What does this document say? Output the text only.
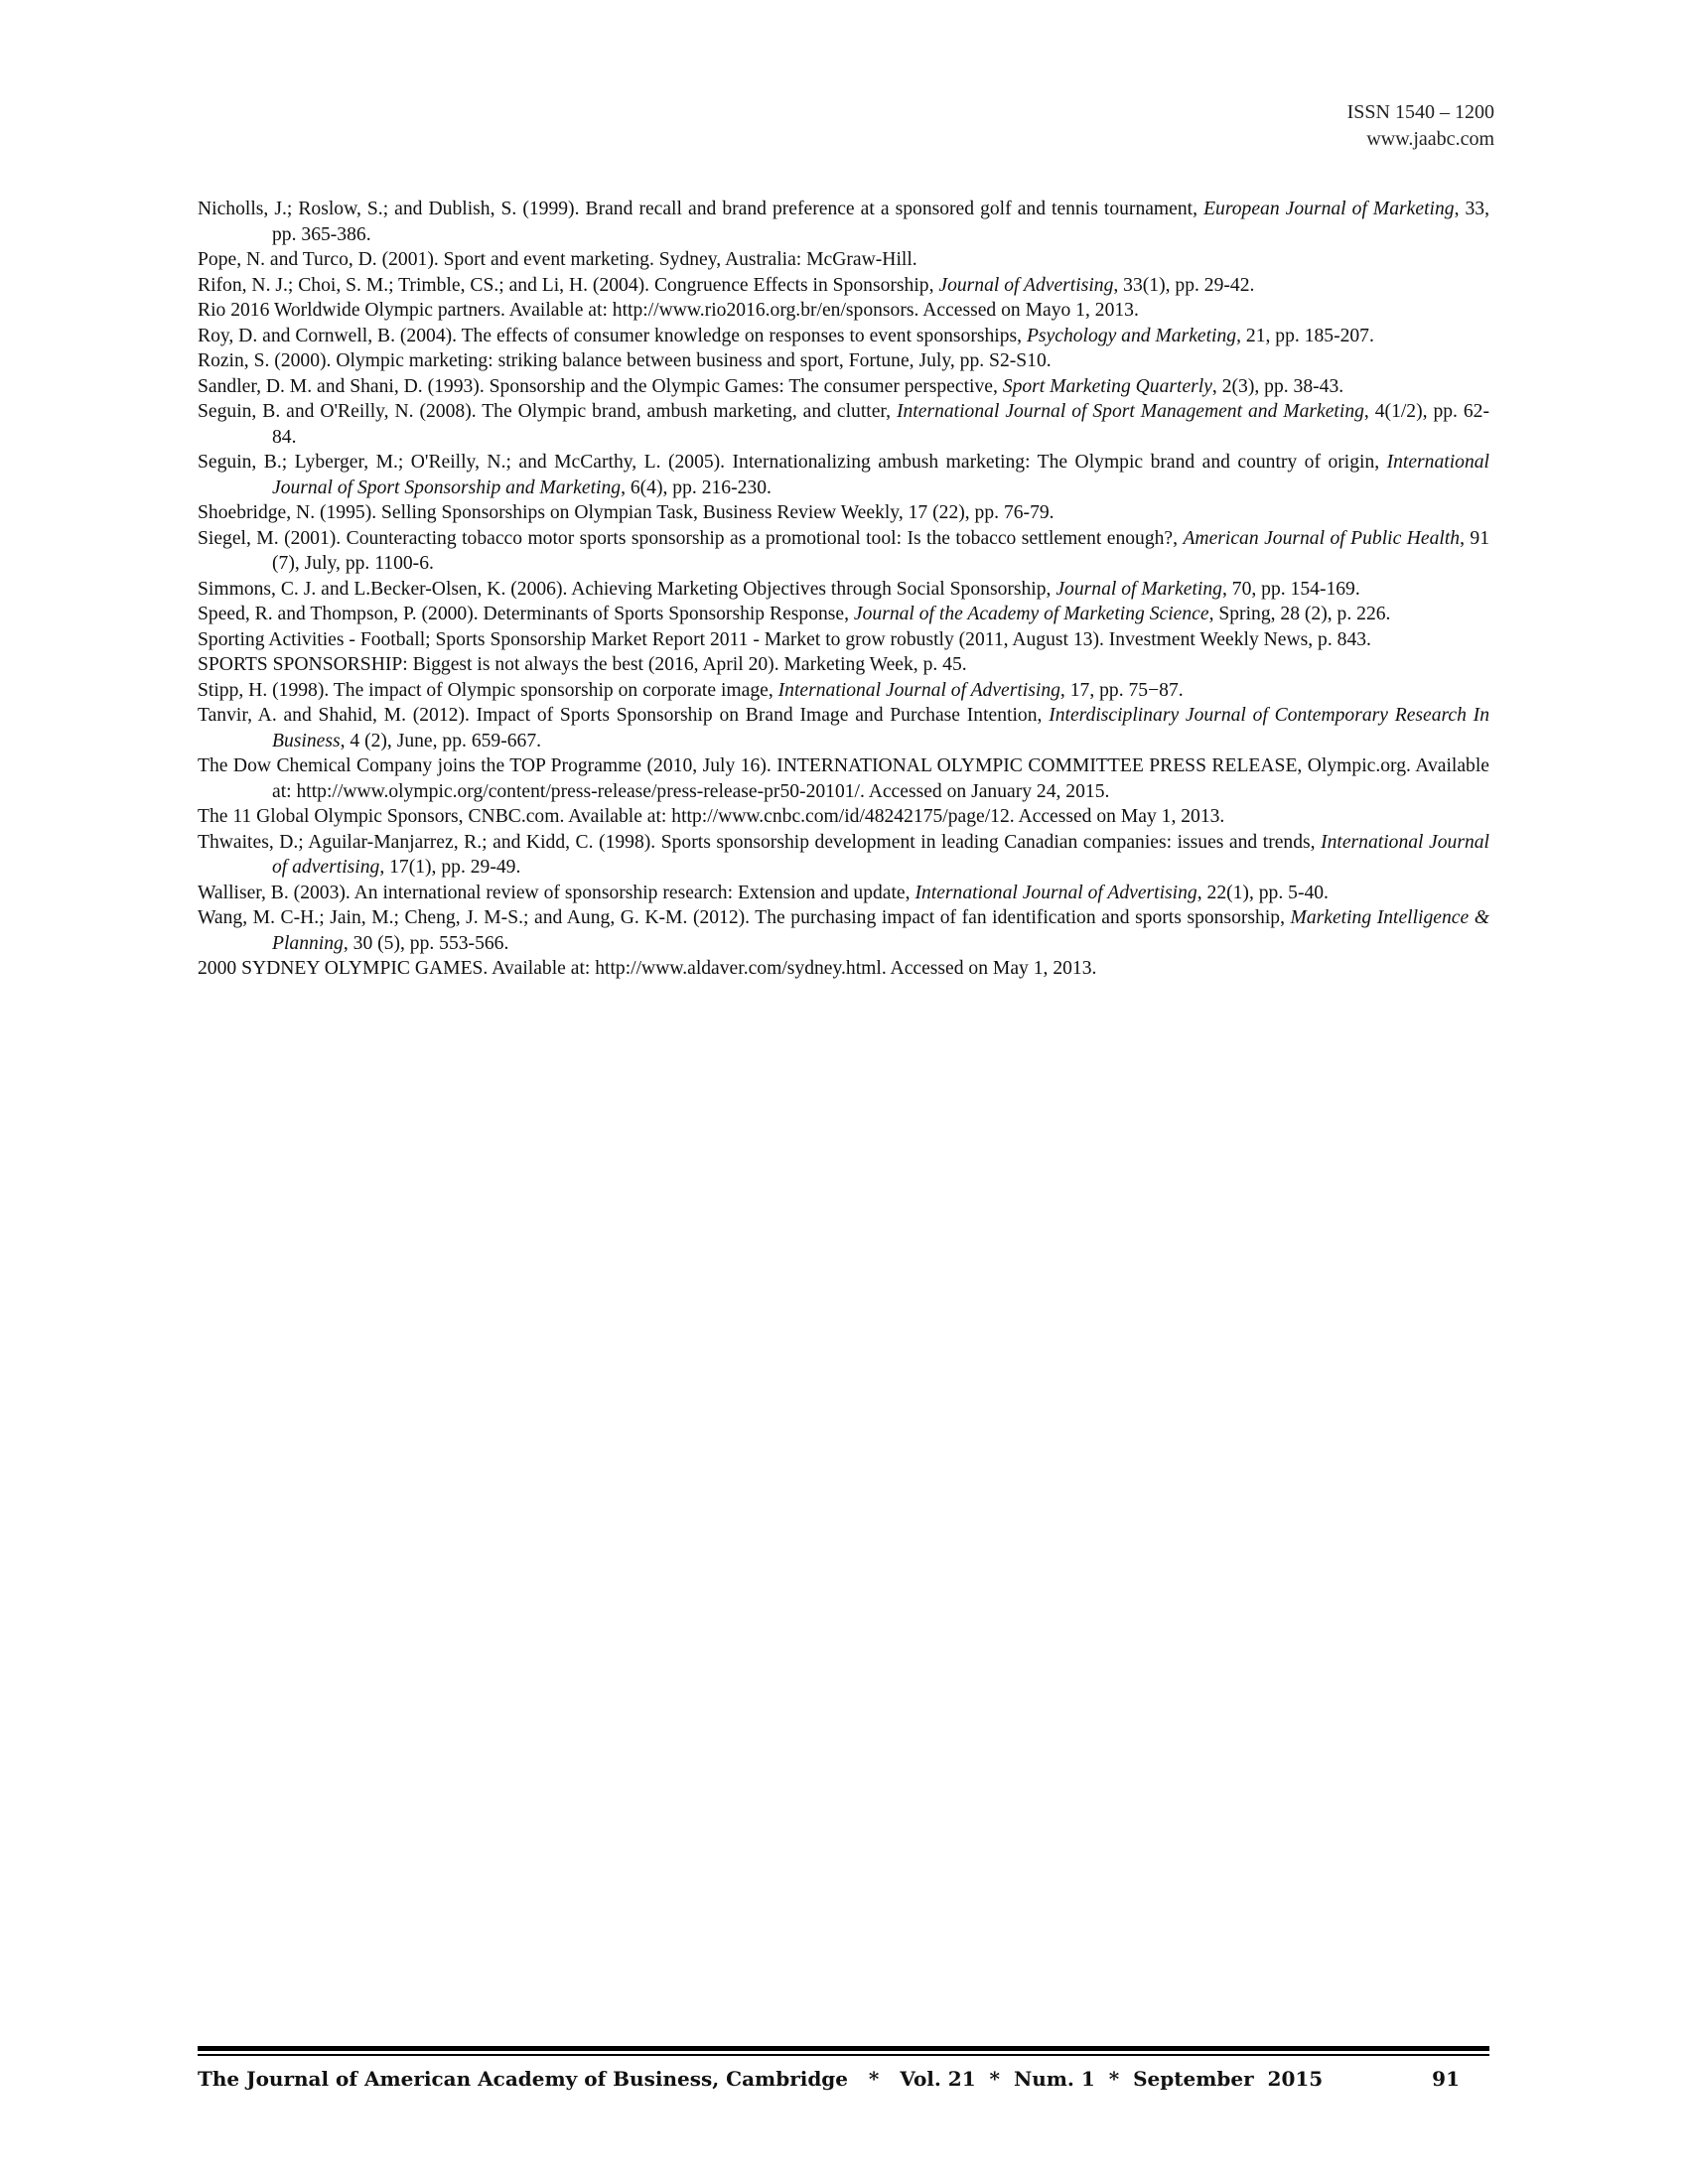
ISSN 1540 – 1200
www.jaabc.com

Nicholls, J.; Roslow, S.; and Dublish, S. (1999). Brand recall and brand preference at a sponsored golf and tennis tournament, European Journal of Marketing, 33, pp. 365-386.

Pope, N. and Turco, D. (2001). Sport and event marketing. Sydney, Australia: McGraw-Hill.

Rifon, N. J.; Choi, S. M.; Trimble, CS.; and Li, H. (2004). Congruence Effects in Sponsorship, Journal of Advertising, 33(1), pp. 29-42.

Rio 2016 Worldwide Olympic partners. Available at: http://www.rio2016.org.br/en/sponsors. Accessed on Mayo 1, 2013.

Roy, D. and Cornwell, B. (2004). The effects of consumer knowledge on responses to event sponsorships, Psychology and Marketing, 21, pp. 185-207.

Rozin, S. (2000). Olympic marketing: striking balance between business and sport, Fortune, July, pp. S2-S10.

Sandler, D. M. and Shani, D. (1993). Sponsorship and the Olympic Games: The consumer perspective, Sport Marketing Quarterly, 2(3), pp. 38-43.

Seguin, B. and O'Reilly, N. (2008). The Olympic brand, ambush marketing, and clutter, International Journal of Sport Management and Marketing, 4(1/2), pp. 62-84.

Seguin, B.; Lyberger, M.; O'Reilly, N.; and McCarthy, L. (2005). Internationalizing ambush marketing: The Olympic brand and country of origin, International Journal of Sport Sponsorship and Marketing, 6(4), pp. 216-230.

Shoebridge, N. (1995). Selling Sponsorships on Olympian Task, Business Review Weekly, 17 (22), pp. 76-79.

Siegel, M. (2001). Counteracting tobacco motor sports sponsorship as a promotional tool: Is the tobacco settlement enough?, American Journal of Public Health, 91 (7), July, pp. 1100-6.

Simmons, C. J. and L.Becker-Olsen, K. (2006). Achieving Marketing Objectives through Social Sponsorship, Journal of Marketing, 70, pp. 154-169.

Speed, R. and Thompson, P. (2000). Determinants of Sports Sponsorship Response, Journal of the Academy of Marketing Science, Spring, 28 (2), p. 226.

Sporting Activities - Football; Sports Sponsorship Market Report 2011 - Market to grow robustly (2011, August 13). Investment Weekly News, p. 843.

SPORTS SPONSORSHIP: Biggest is not always the best (2016, April 20). Marketing Week, p. 45.

Stipp, H. (1998). The impact of Olympic sponsorship on corporate image, International Journal of Advertising, 17, pp. 75−87.

Tanvir, A. and Shahid, M. (2012). Impact of Sports Sponsorship on Brand Image and Purchase Intention, Interdisciplinary Journal of Contemporary Research In Business, 4 (2), June, pp. 659-667.

The Dow Chemical Company joins the TOP Programme (2010, July 16). INTERNATIONAL OLYMPIC COMMITTEE PRESS RELEASE, Olympic.org. Available at: http://www.olympic.org/content/press-release/press-release-pr50-20101/. Accessed on January 24, 2015.

The 11 Global Olympic Sponsors, CNBC.com. Available at: http://www.cnbc.com/id/48242175/page/12. Accessed on May 1, 2013.

Thwaites, D.; Aguilar-Manjarrez, R.; and Kidd, C. (1998). Sports sponsorship development in leading Canadian companies: issues and trends, International Journal of advertising, 17(1), pp. 29-49.

Walliser, B. (2003). An international review of sponsorship research: Extension and update, International Journal of Advertising, 22(1), pp. 5-40.

Wang, M. C-H.; Jain, M.; Cheng, J. M-S.; and Aung, G. K-M. (2012). The purchasing impact of fan identification and sports sponsorship, Marketing Intelligence & Planning, 30 (5), pp. 553-566.

2000 SYDNEY OLYMPIC GAMES. Available at: http://www.aldaver.com/sydney.html. Accessed on May 1, 2013.

The Journal of American Academy of Business, Cambridge   *   Vol. 21  *  Num. 1  *  September  2015	91
